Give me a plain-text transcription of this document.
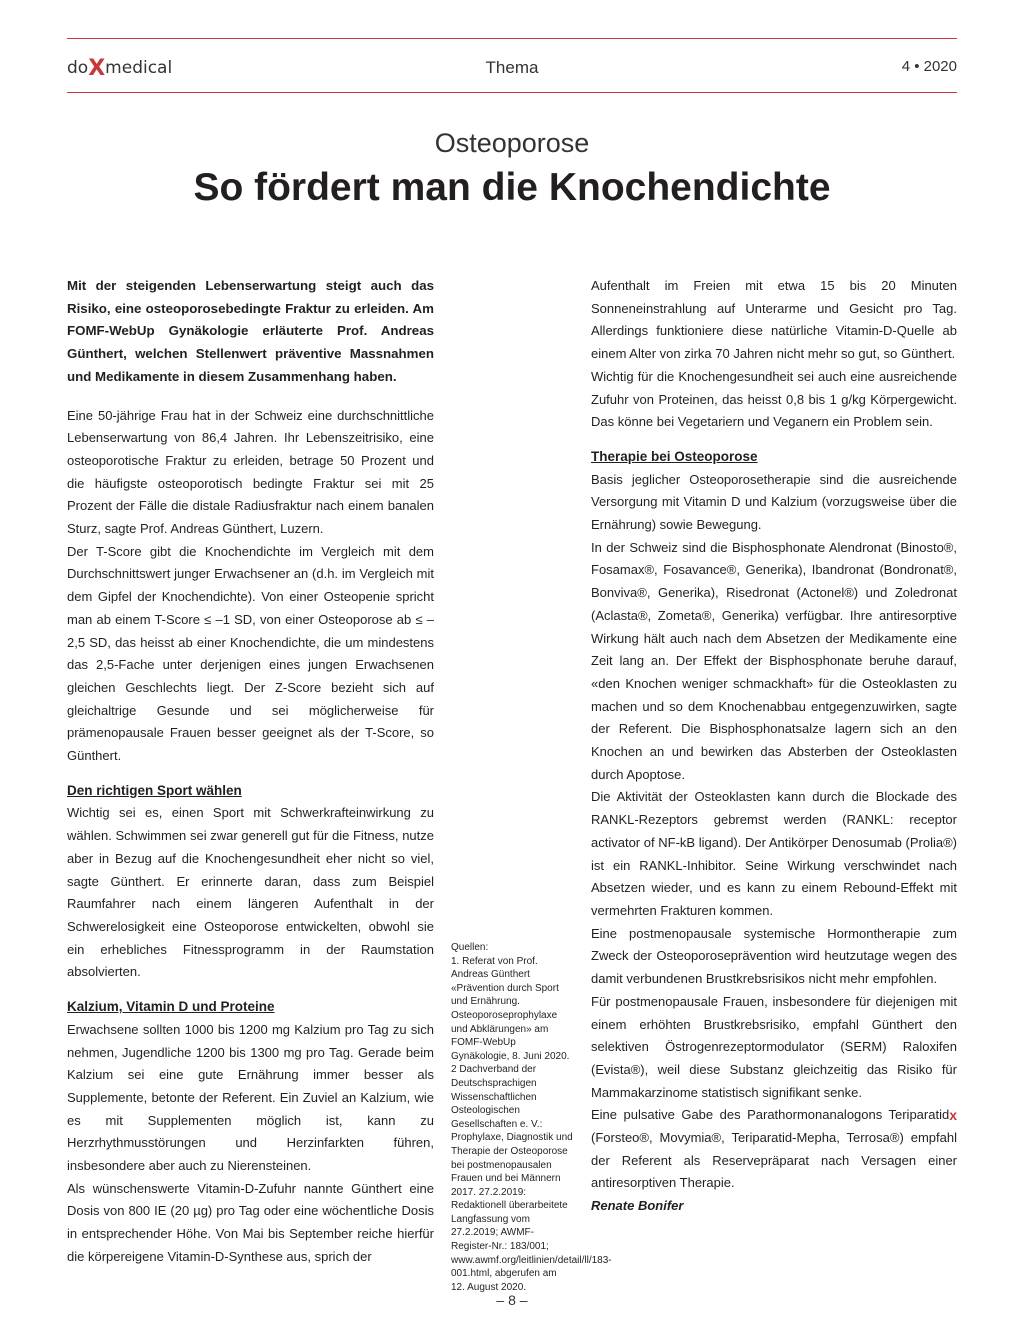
doXmedical	Thema	4 • 2020
Osteoporose
So fördert man die Knochendichte

Mit der steigenden Lebenserwartung steigt auch das Risiko, eine osteoporosebedingte Fraktur zu erleiden. Am FOMF-WebUp Gynäkologie erläuterte Prof. Andreas Günthert, welchen Stellenwert präventive Massnahmen und Medikamente in diesem Zusammenhang haben.

Eine 50-jährige Frau hat in der Schweiz eine durchschnittliche Lebenserwartung von 86,4 Jahren. Ihr Lebenszeitrisiko, eine osteoporotische Fraktur zu erleiden, betrage 50 Prozent und die häufigste osteoporotisch bedingte Fraktur sei mit 25 Prozent der Fälle die distale Radiusfraktur nach einem banalen Sturz, sagte Prof. Andreas Günthert, Luzern.

Der T-Score gibt die Knochendichte im Vergleich mit dem Durchschnittswert junger Erwachsener an (d.h. im Vergleich mit dem Gipfel der Knochendichte). Von einer Osteopenie spricht man ab einem T-Score ≤ –1 SD, von einer Osteoporose ab ≤ –2,5 SD, das heisst ab einer Knochendichte, die um mindestens das 2,5-Fache unter derjenigen eines jungen Erwachsenen gleichen Geschlechts liegt. Der Z-Score bezieht sich auf gleichaltrige Gesunde und sei möglicherweise für prämenopausale Frauen besser geeignet als der T-Score, so Günthert.

Den richtigen Sport wählen

Wichtig sei es, einen Sport mit Schwerkrafteinwirkung zu wählen. Schwimmen sei zwar generell gut für die Fitness, nutze aber in Bezug auf die Knochengesundheit eher nicht so viel, sagte Günthert. Er erinnerte daran, dass zum Beispiel Raumfahrer nach einem längeren Aufenthalt in der Schwerelosigkeit eine Osteoporose entwickelten, obwohl sie ein erhebliches Fitnessprogramm in der Raumstation absolvierten.

Kalzium, Vitamin D und Proteine

Erwachsene sollten 1000 bis 1200 mg Kalzium pro Tag zu sich nehmen, Jugendliche 1200 bis 1300 mg pro Tag. Gerade beim Kalzium sei eine gute Ernährung immer besser als Supplemente, betonte der Referent. Ein Zuviel an Kalzium, wie es mit Supplementen möglich ist, kann zu Herzrhythmusstörungen und Herzinfarkten führen, insbesondere aber auch zu Nierensteinen.

Als wünschenswerte Vitamin-D-Zufuhr nannte Günthert eine Dosis von 800 IE (20 µg) pro Tag oder eine wöchentliche Dosis in entsprechender Höhe. Von Mai bis September reiche hierfür die körpereigene Vitamin-D-Synthese aus, sprich der

Quellen:

1. Referat von Prof. Andreas Günthert «Prävention durch Sport und Ernährung. Osteoporoseprophylaxe und Abklärungen» am FOMF-WebUp Gynäkologie, 8. Juni 2020.

2 Dachverband der Deutschsprachigen Wissenschaftlichen Osteologischen Gesellschaften e. V.: Prophylaxe, Diagnostik und Therapie der Osteoporose bei postmenopausalen Frauen und bei Männern 2017. 27.2.2019: Redaktionell überarbeitete Langfassung vom 27.2.2019; AWMF-Register-Nr.: 183/001; www.awmf.org/leitlinien/detail/ll/183-001.html, abgerufen am 12. August 2020.

Aufenthalt im Freien mit etwa 15 bis 20 Minuten Sonneneinstrahlung auf Unterarme und Gesicht pro Tag. Allerdings funktioniere diese natürliche Vitamin-D-Quelle ab einem Alter von zirka 70 Jahren nicht mehr so gut, so Günthert.

Wichtig für die Knochengesundheit sei auch eine ausreichende Zufuhr von Proteinen, das heisst 0,8 bis 1 g/kg Körpergewicht. Das könne bei Vegetariern und Veganern ein Problem sein.

Therapie bei Osteoporose

Basis jeglicher Osteoporosetherapie sind die ausreichende Versorgung mit Vitamin D und Kalzium (vorzugsweise über die Ernährung) sowie Bewegung.

In der Schweiz sind die Bisphosphonate Alendronat (Binosto®, Fosamax®, Fosavance®, Generika), Ibandronat (Bondronat®, Bonviva®, Generika), Risedronat (Actonel®) und Zoledronat (Aclasta®, Zometa®, Generika) verfügbar. Ihre antiresorptive Wirkung hält auch nach dem Absetzen der Medikamente eine Zeit lang an. Der Effekt der Bisphosphonate beruhe darauf, «den Knochen weniger schmackhaft» für die Osteoklasten zu machen und so dem Knochenabbau entgegenzuwirken, sagte der Referent. Die Bisphosphonatsalze lagern sich an den Knochen an und bewirken das Absterben der Osteoklasten durch Apoptose.

Die Aktivität der Osteoklasten kann durch die Blockade des RANKL-Rezeptors gebremst werden (RANKL: receptor activator of NF-kB ligand). Der Antikörper Denosumab (Prolia®) ist ein RANKL-Inhibitor. Seine Wirkung verschwindet nach Absetzen wieder, und es kann zu einem Rebound-Effekt mit vermehrten Frakturen kommen.

Eine postmenopausale systemische Hormontherapie zum Zweck der Osteoporoseprävention wird heutzutage wegen des damit verbundenen Brustkrebsrisikos nicht mehr empfohlen.

Für postmenopausale Frauen, insbesondere für diejenigen mit einem erhöhten Brustkrebsrisiko, empfahl Günthert den selektiven Östrogenrezeptormodulator (SERM) Raloxifen (Evista®), weil diese Substanz gleichzeitig das Risiko für Mammakarzinome statistisch signifikant senke.

x
Eine pulsative Gabe des Parathormonanalogons Teriparatid (Forsteo®, Movymia®, Teriparatid-Mepha, Terrosa®) empfahl der Referent als Reservepräparat nach Versagen einer antiresorptiven Therapie.

Renate Bonifer

– 8 –
